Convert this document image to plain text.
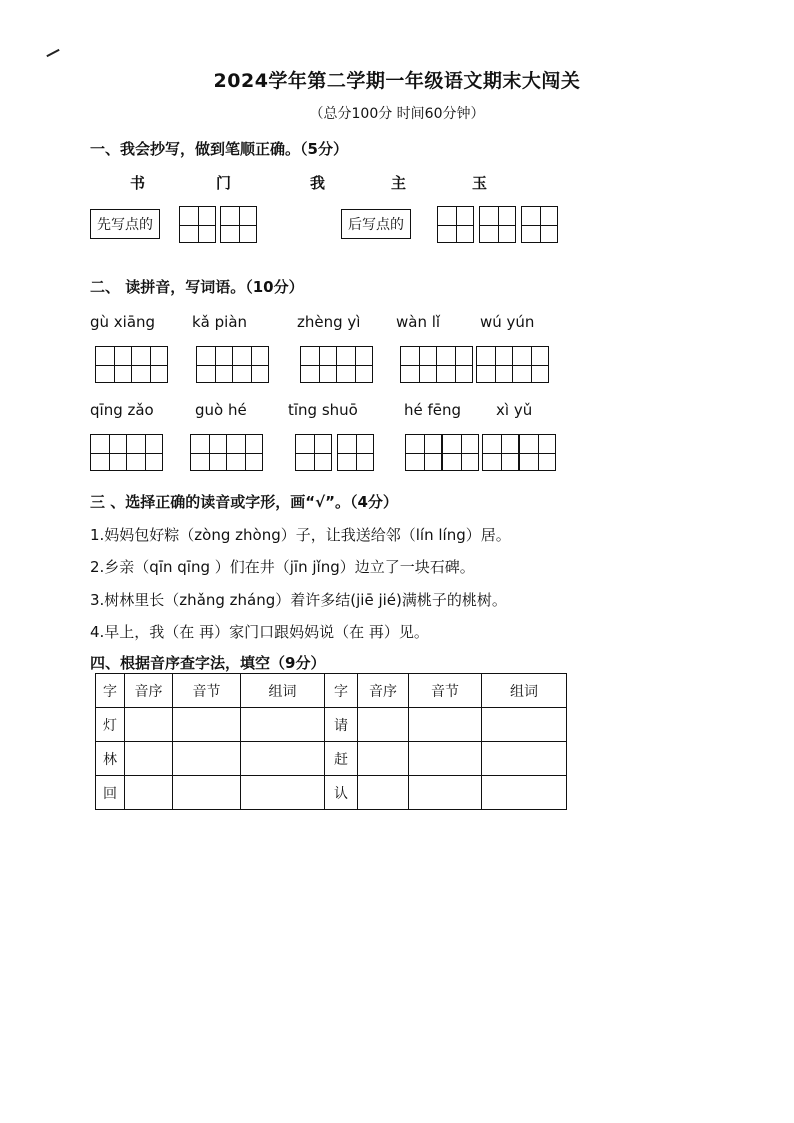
2024学年第二学期一年级语文期末大闯关
（总分100分 时间60分钟）
一、我会抄写，做到笔顺正确。（5分）
书	门	我	主	玉
先写点的	后写点的
二、 读拼音，写词语。（10分）
gù xiāng kǎ piàn	zhèng yì wàn lǐ	wú yún
qīng zǎo	guò hé	tīng shuō	hé fēng xì yǔ
三 、选择正确的读音或字形，画“√”。（4分）
1.妈妈包好粽（zòng zhòng）子，让我送给邻（lín líng）居。
2.乡亲（qīn qīng ）们在井（jīn jǐng）边立了一块石碑。
3.树林里长（zhǎng zháng）着许多结(jiē jié)满桃子的桃树。
4.早上，我（在 再）家门口跟妈妈说（在 再）见。
四、根据音序查字法，填空（9分）
字	音序	音节	组词	字	音序	音节	组词
灯				请			
林				赶			
回				认			
